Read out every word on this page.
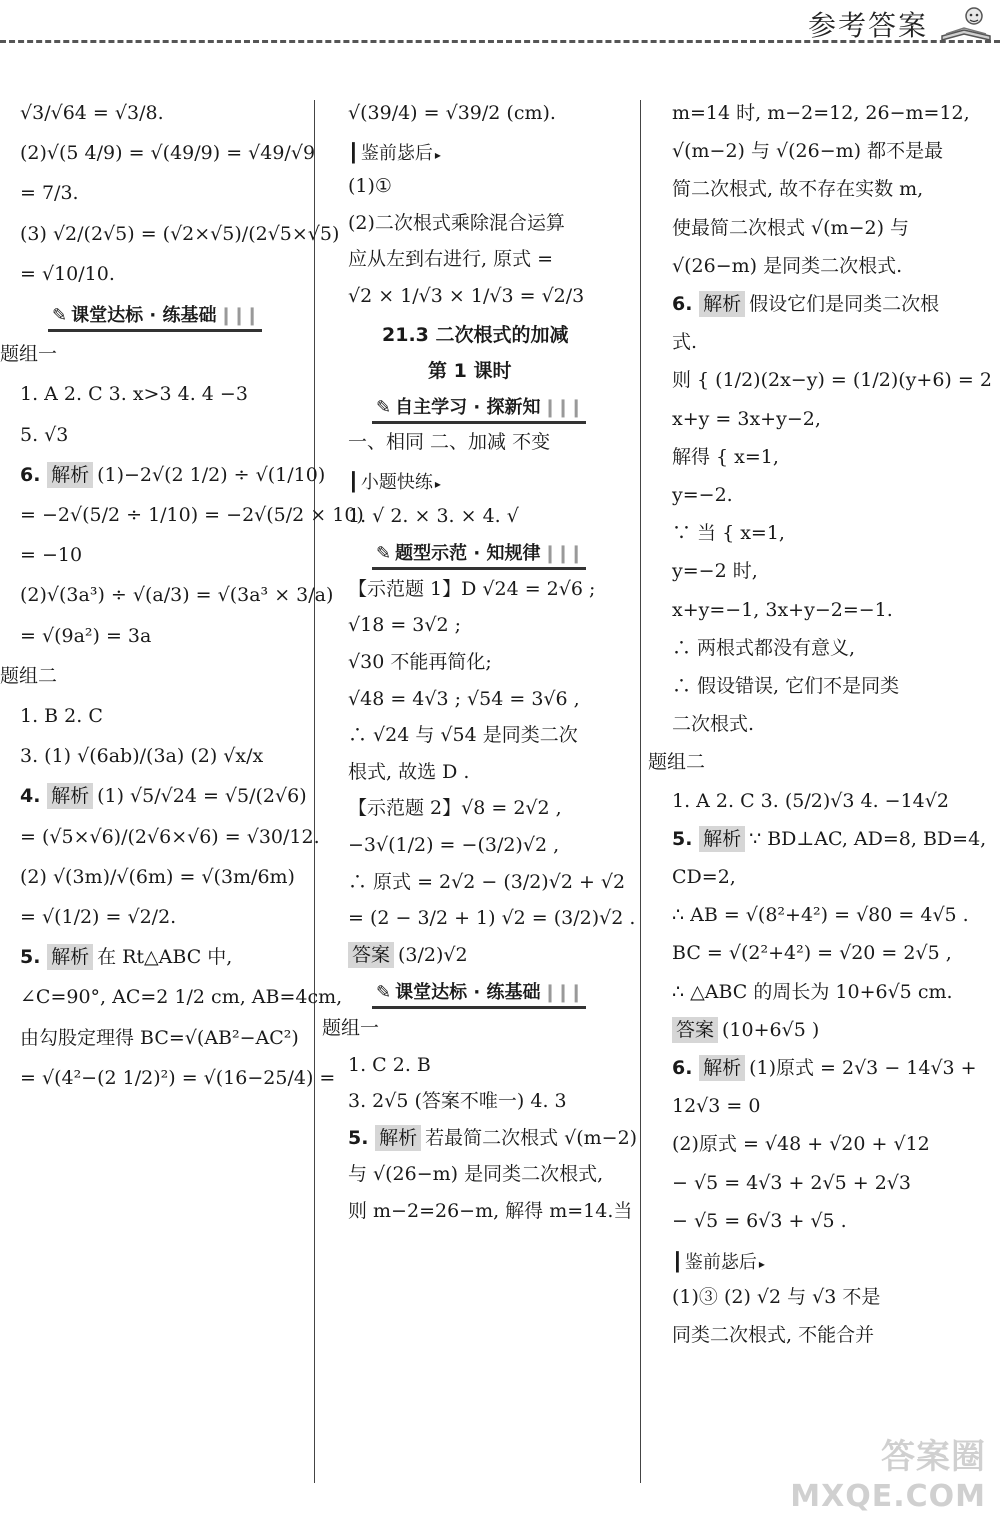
参考答案
√3/√64 = √3/8.
(2)√(5 4/9) = √(49/9) = √49/√9
= 7/3.
(3) √2/(2√5) = (√2×√5)/(2√5×√5)
= √10/10.
✎ 课堂达标 · 练基础 ❙❙❙
题组一
1. A 2. C 3. x>3 4. 4 −3
5. √3
6. 解析 (1)−2√(2 1/2) ÷ √(1/10)
= −2√(5/2 ÷ 1/10) = −2√(5/2 × 10)
= −10
(2)√(3a³) ÷ √(a/3) = √(3a³ × 3/a)
= √(9a²) = 3a
题组二
1. B 2. C
3. (1) √(6ab)/(3a) (2) √x/x
4. 解析 (1) √5/√24 = √5/(2√6)
= (√5×√6)/(2√6×√6) = √30/12.
(2) √(3m)/√(6m) = √(3m/6m)
= √(1/2) = √2/2.
5. 解析 在 Rt△ABC 中,
∠C=90°, AC=2 1/2 cm, AB=4cm,
由勾股定理得 BC=√(AB²−AC²)
= √(4²−(2 1/2)²) = √(16−25/4) =
√(39/4) = √39/2 (cm).
┃ 鉴前毖后 ▸
(1)①
(2)二次根式乘除混合运算
应从左到右进行, 原式 =
√2 × 1/√3 × 1/√3 = √2/3
21.3 二次根式的加减
第 1 课时
✎ 自主学习 · 探新知 ❙❙❙
一、相同 二、加减 不变
┃ 小题快练 ▸
1. √ 2. × 3. × 4. √
✎ 题型示范 · 知规律 ❙❙❙
【示范题 1】D √24 = 2√6 ;
√18 = 3√2 ;
√30 不能再简化;
√48 = 4√3 ; √54 = 3√6 ,
∴ √24 与 √54 是同类二次
根式, 故选 D .
【示范题 2】√8 = 2√2 ,
−3√(1/2) = −(3/2)√2 ,
∴ 原式 = 2√2 − (3/2)√2 + √2
= (2 − 3/2 + 1) √2 = (3/2)√2 .
答案 (3/2)√2
✎ 课堂达标 · 练基础 ❙❙❙
题组一
1. C 2. B
3. 2√5 (答案不唯一) 4. 3
5. 解析 若最简二次根式 √(m−2)
与 √(26−m) 是同类二次根式,
则 m−2=26−m, 解得 m=14.当
m=14 时, m−2=12, 26−m=12,
√(m−2) 与 √(26−m) 都不是最
简二次根式, 故不存在实数 m,
使最简二次根式 √(m−2) 与
√(26−m) 是同类二次根式.
6. 解析 假设它们是同类二次根
式.
则 { (1/2)(2x−y) = (1/2)(y+6) = 2
x+y = 3x+y−2,
解得 { x=1,
y=−2.
∵ 当 { x=1,
y=−2 时,
x+y=−1, 3x+y−2=−1.
∴ 两根式都没有意义,
∴ 假设错误, 它们不是同类
二次根式.
题组二
1. A 2. C 3. (5/2)√3 4. −14√2
5. 解析 ∵ BD⊥AC, AD=8, BD=4,
CD=2,
∴ AB = √(8²+4²) = √80 = 4√5 .
BC = √(2²+4²) = √20 = 2√5 ,
∴ △ABC 的周长为 10+6√5 cm.
答案 (10+6√5 )
6. 解析 (1)原式 = 2√3 − 14√3 +
12√3 = 0
(2)原式 = √48 + √20 + √12
− √5 = 4√3 + 2√5 + 2√3
− √5 = 6√3 + √5 .
┃ 鉴前毖后 ▸
(1)③ (2) √2 与 √3 不是
同类二次根式, 不能合并
答案圈
MXQE.COM
